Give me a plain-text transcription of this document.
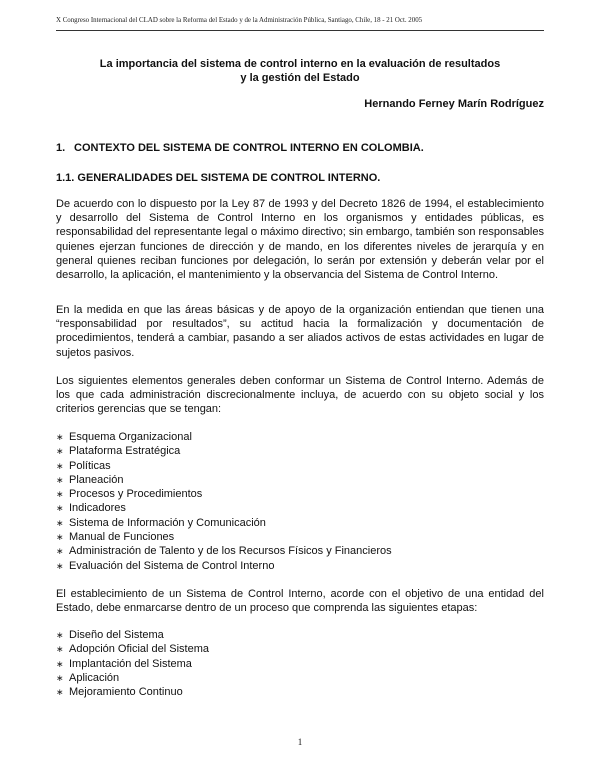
X Congreso Internacional del CLAD sobre la Reforma del Estado y de la Administración Pública, Santiago, Chile, 18 - 21 Oct. 2005
La importancia del sistema de control interno en la evaluación de resultados
y la gestión del Estado
Hernando Ferney Marín Rodríguez
1. CONTEXTO DEL SISTEMA DE CONTROL INTERNO EN COLOMBIA.
1.1. GENERALIDADES DEL SISTEMA DE CONTROL INTERNO.

De acuerdo con lo dispuesto por la Ley 87 de 1993 y del Decreto 1826 de 1994, el establecimiento y desarrollo del Sistema de Control Interno en los organismos y entidades públicas, es responsabilidad del representante legal o máximo directivo; sin embargo, también son responsables quienes ejerzan funciones de dirección y de mando, en los diferentes niveles de jerarquía y en general quienes reciban funciones por delegación, lo serán por extensión y deberán velar por el desarrollo, la aplicación, el mantenimiento y la observancia del Sistema de Control Interno.

En la medida en que las áreas básicas y de apoyo de la organización entiendan que tienen una “responsabilidad por resultados”, su actitud hacia la formalización y documentación de procedimientos, tenderá a cambiar, pasando a ser aliados activos de estas actividades en lugar de sujetos pasivos.

Los siguientes elementos generales deben conformar un Sistema de Control Interno. Además de los que cada administración discrecionalmente incluya, de acuerdo con su objeto social y los criterios gerencias que se tengan:

∗ Esquema Organizacional
∗ Plataforma Estratégica
∗ Políticas
∗ Planeación
∗ Procesos y Procedimientos
∗ Indicadores
∗ Sistema de Información y Comunicación
∗ Manual de Funciones
∗ Administración de Talento y de los Recursos Físicos y Financieros
∗ Evaluación del Sistema de Control Interno

El establecimiento de un Sistema de Control Interno, acorde con el objetivo de una entidad del Estado, debe enmarcarse dentro de un proceso que comprenda las siguientes etapas:

∗ Diseño del Sistema
∗ Adopción Oficial del Sistema
∗ Implantación del Sistema
∗ Aplicación
∗ Mejoramiento Continuo
1
